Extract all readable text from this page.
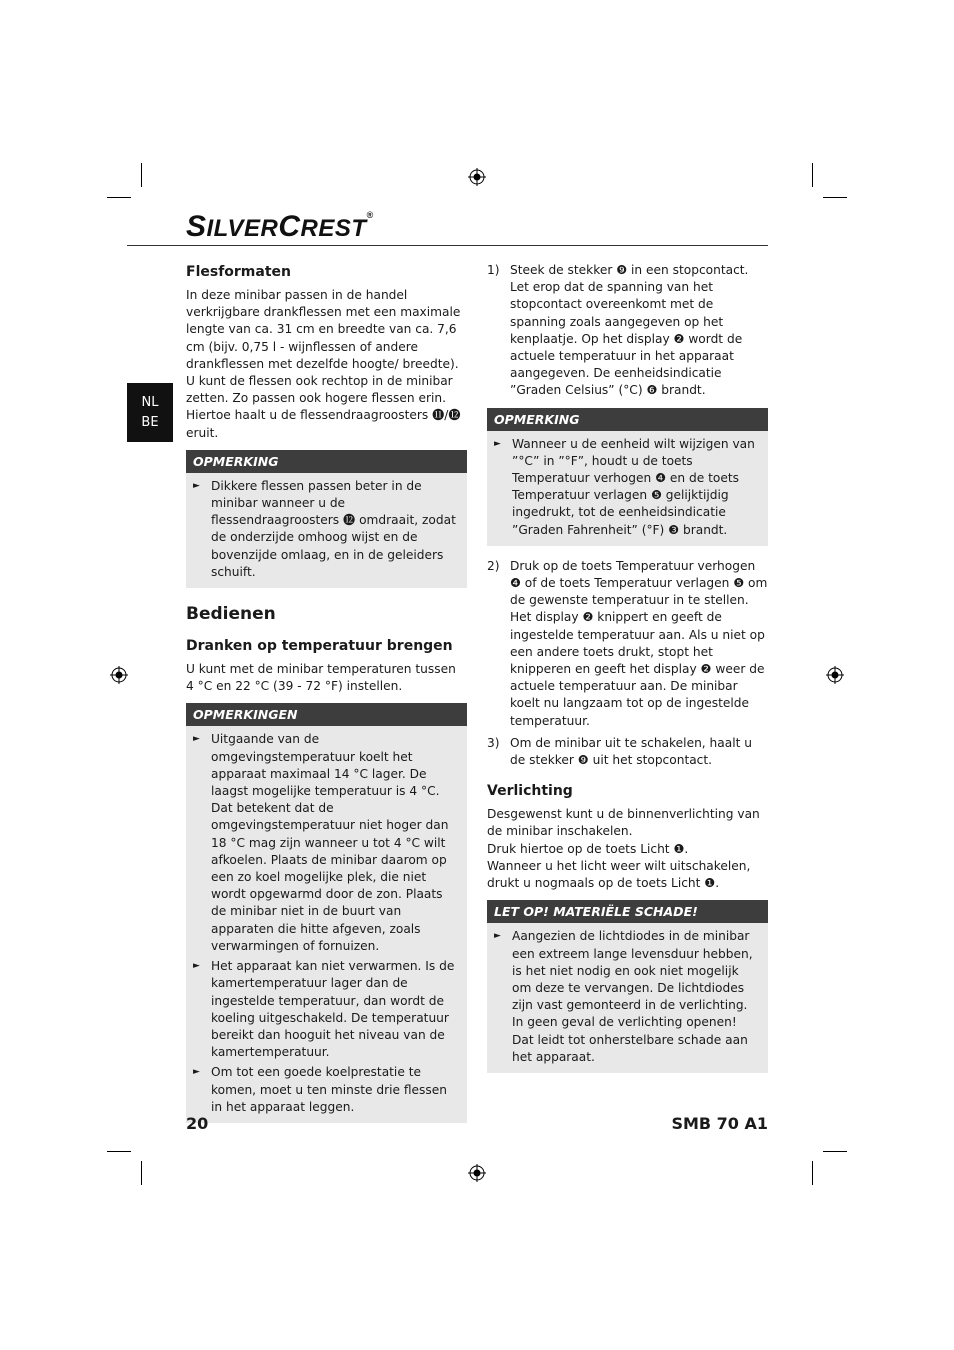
SILVERCREST®
NL
BE
Flesformaten

In deze minibar passen in de handel verkrijgbare drankflessen met een maximale lengte van ca. 31 cm en breedte van ca. 7,6 cm (bijv. 0,75 l - wijnflessen of andere drankflessen met dezelfde hoogte/ breedte).

U kunt de flessen ook rechtop in de minibar zetten. Zo passen ook hogere flessen erin. Hiertoe haalt u de flessendraagroosters ⓫/⓬ eruit.

OPMERKING
► Dikkere flessen passen beter in de minibar wanneer u de flessendraagroosters ⓬ omdraait, zodat de onderzijde omhoog wijst en de bovenzijde omlaag, en in de geleiders schuift.
Bedienen
Dranken op temperatuur brengen

U kunt met de minibar temperaturen tussen 4 °C en 22 °C (39 - 72 °F) instellen.

OPMERKINGEN
► Uitgaande van de omgevingstemperatuur koelt het apparaat maximaal 14 °C lager. De laagst mogelijke temperatuur is 4 °C. Dat betekent dat de omgevingstemperatuur niet hoger dan 18 °C mag zijn wanneer u tot 4 °C wilt afkoelen. Plaats de minibar daarom op een zo koel mogelijke plek, die niet wordt opgewarmd door de zon. Plaats de minibar niet in de buurt van apparaten die hitte afgeven, zoals verwarmingen of fornuizen.
► Het apparaat kan niet verwarmen. Is de kamertemperatuur lager dan de ingestelde temperatuur, dan wordt de koeling uitgeschakeld. De temperatuur bereikt dan hooguit het niveau van de kamertemperatuur.
► Om tot een goede koelprestatie te komen, moet u ten minste drie flessen in het apparaat leggen.
1) Steek de stekker ❾ in een stopcontact. Let erop dat de spanning van het stopcontact overeenkomt met de spanning zoals aangegeven op het kenplaatje. Op het display ❷ wordt de actuele temperatuur in het apparaat aangegeven. De eenheidsindicatie ”Graden Celsius” (°C) ❻ brandt.
OPMERKING
► Wanneer u de eenheid wilt wijzigen van ”°C” in ”°F”, houdt u de toets Temperatuur verhogen ❹ en de toets Temperatuur verlagen ❺ gelijktijdig ingedrukt, tot de eenheidsindicatie ”Graden Fahrenheit” (°F) ❸ brandt.
2) Druk op de toets Temperatuur verhogen ❹ of de toets Temperatuur verlagen ❺ om de gewenste temperatuur in te stellen. Het display ❷ knippert en geeft de ingestelde temperatuur aan. Als u niet op een andere toets drukt, stopt het knipperen en geeft het display ❷ weer de actuele temperatuur aan. De minibar koelt nu langzaam tot op de ingestelde temperatuur.
3) Om de minibar uit te schakelen, haalt u de stekker ❾ uit het stopcontact.
Verlichting

Desgewenst kunt u de binnenverlichting van de minibar inschakelen.

Druk hiertoe op de toets Licht ❶.

Wanneer u het licht weer wilt uitschakelen, drukt u nogmaals op de toets Licht ❶.

LET OP! MATERIËLE SCHADE!
► Aangezien de lichtdiodes in de minibar een extreem lange levensduur hebben, is het niet nodig en ook niet mogelijk om deze te vervangen. De lichtdiodes zijn vast gemonteerd in de verlichting. In geen geval de verlichting openen! Dat leidt tot onherstelbare schade aan het apparaat.
20	SMB 70 A1
